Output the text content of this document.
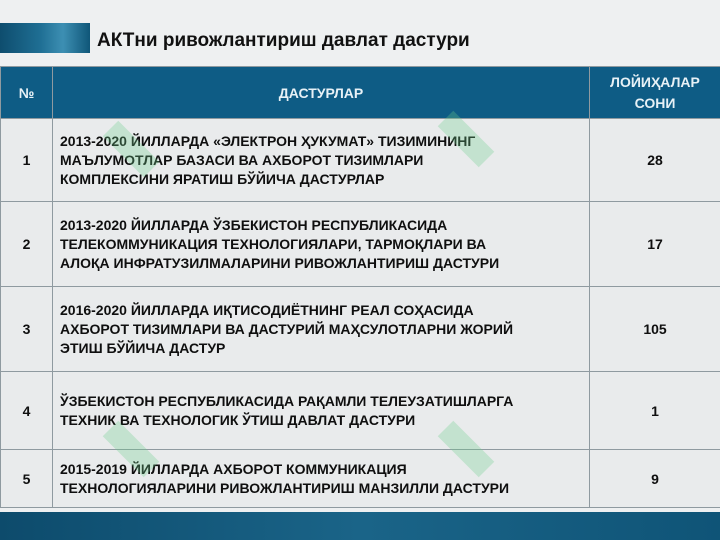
АКТни ривожлантириш давлат дастури
№	ДАСТУРЛАР	ЛОЙИҲАЛАР
СОНИ

1	2013-2020 ЙИЛЛАРДА «ЭЛЕКТРОН ҲУКУМАТ» ТИЗИМИНИНГ
МАЪЛУМОТЛАР БАЗАСИ ВА АХБОРОТ ТИЗИМЛАРИ
КОМПЛЕКСИНИ ЯРАТИШ БЎЙИЧА ДАСТУРЛАР	28
2	2013-2020 ЙИЛЛАРДА ЎЗБЕКИСТОН РЕСПУБЛИКАСИДА
ТЕЛЕКОММУНИКАЦИЯ ТЕХНОЛОГИЯЛАРИ, ТАРМОҚЛАРИ ВА
АЛОҚА ИНФРАТУЗИЛМАЛАРИНИ РИВОЖЛАНТИРИШ ДАСТУРИ	17
3	2016-2020 ЙИЛЛАРДА ИҚТИСОДИЁТНИНГ РЕАЛ СОҲАСИДА
АХБОРОТ ТИЗИМЛАРИ ВА ДАСТУРИЙ МАҲСУЛОТЛАРНИ ЖОРИЙ
ЭТИШ БЎЙИЧА ДАСТУР	105
4	ЎЗБЕКИСТОН РЕСПУБЛИКАСИДА РАҚАМЛИ ТЕЛЕУЗАТИШЛАРГА
ТЕХНИК ВА ТЕХНОЛОГИК ЎТИШ ДАВЛАТ ДАСТУРИ	1
5	2015-2019 ЙИЛЛАРДА АХБОРОТ КОММУНИКАЦИЯ
ТЕХНОЛОГИЯЛАРИНИ РИВОЖЛАНТИРИШ МАНЗИЛЛИ ДАСТУРИ	9
